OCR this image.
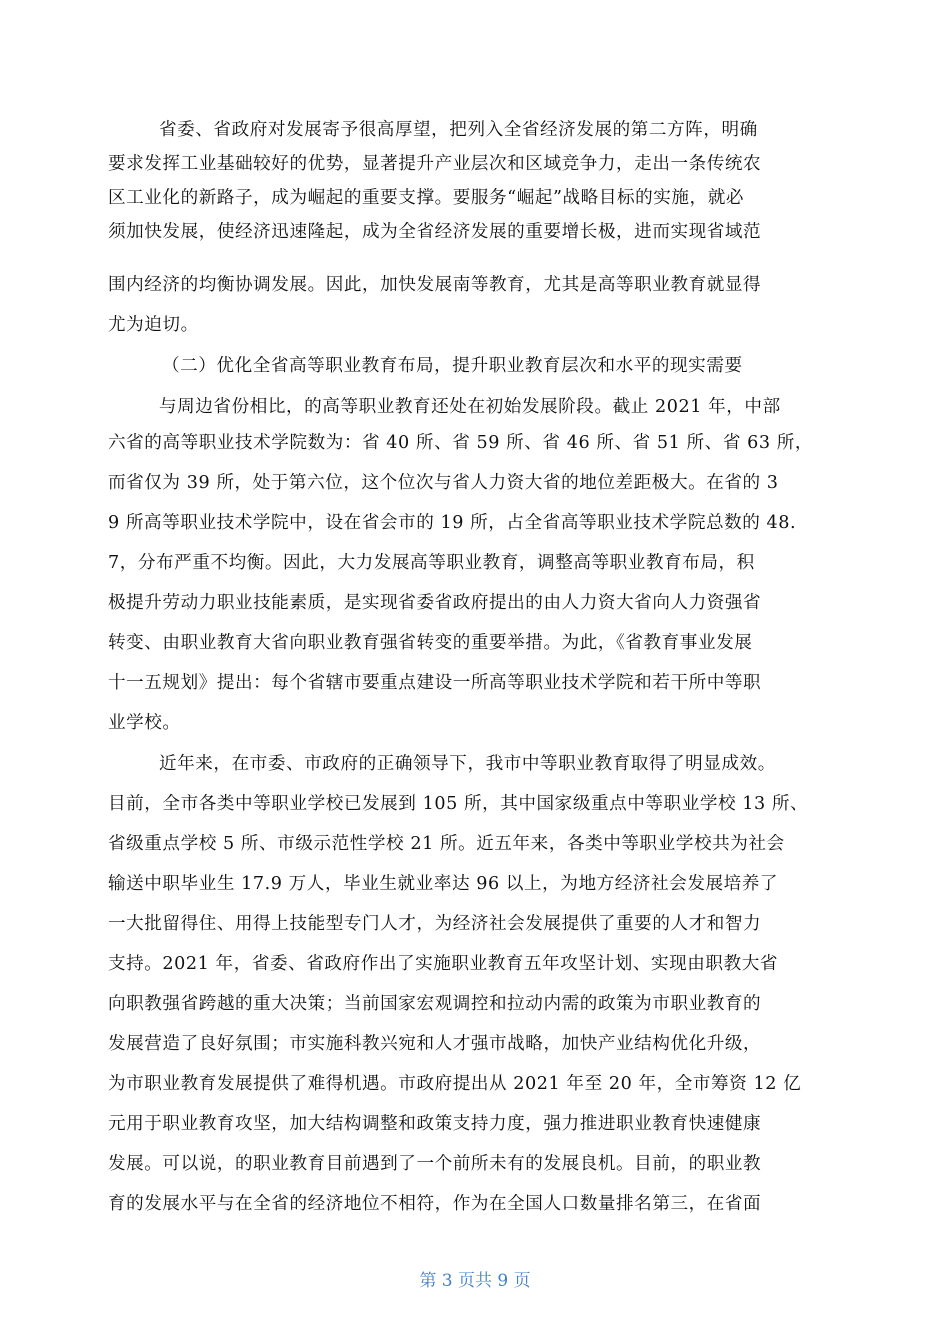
省委、省政府对发展寄予很高厚望，把列入全省经济发展的第二方阵，明确
要求发挥工业基础较好的优势，显著提升产业层次和区域竞争力，走出一条传统农
区工业化的新路子，成为崛起的重要支撑。要服务“崛起”战略目标的实施，就必
须加快发展，使经济迅速隆起，成为全省经济发展的重要增长极，进而实现省域范
围内经济的均衡协调发展。因此，加快发展南等教育，尤其是高等职业教育就显得
尤为迫切。
（二）优化全省高等职业教育布局，提升职业教育层次和水平的现实需要
与周边省份相比，的高等职业教育还处在初始发展阶段。截止 2021 年，中部
六省的高等职业技术学院数为：省 40 所、省 59 所、省 46 所、省 51 所、省 63 所，
而省仅为 39 所，处于第六位，这个位次与省人力资大省的地位差距极大。在省的 3
9 所高等职业技术学院中，设在省会市的 19 所，占全省高等职业技术学院总数的 48.
7，分布严重不均衡。因此，大力发展高等职业教育，调整高等职业教育布局，积
极提升劳动力职业技能素质，是实现省委省政府提出的由人力资大省向人力资强省
转变、由职业教育大省向职业教育强省转变的重要举措。为此，《省教育事业发展
十一五规划》提出：每个省辖市要重点建设一所高等职业技术学院和若干所中等职
业学校。
近年来，在市委、市政府的正确领导下，我市中等职业教育取得了明显成效。
目前，全市各类中等职业学校已发展到 105 所，其中国家级重点中等职业学校 13 所、
省级重点学校 5 所、市级示范性学校 21 所。近五年来，各类中等职业学校共为社会
输送中职毕业生 17.9 万人，毕业生就业率达 96 以上，为地方经济社会发展培养了
一大批留得住、用得上技能型专门人才，为经济社会发展提供了重要的人才和智力
支持。2021 年，省委、省政府作出了实施职业教育五年攻坚计划、实现由职教大省
向职教强省跨越的重大决策；当前国家宏观调控和拉动内需的政策为市职业教育的
发展营造了良好氛围；市实施科教兴宛和人才强市战略，加快产业结构优化升级，
为市职业教育发展提供了难得机遇。市政府提出从 2021 年至 20 年，全市筹资 12 亿
元用于职业教育攻坚，加大结构调整和政策支持力度，强力推进职业教育快速健康
发展。可以说，的职业教育目前遇到了一个前所未有的发展良机。目前，的职业教
育的发展水平与在全省的经济地位不相符，作为在全国人口数量排名第三，在省面
第 3 页共 9 页
